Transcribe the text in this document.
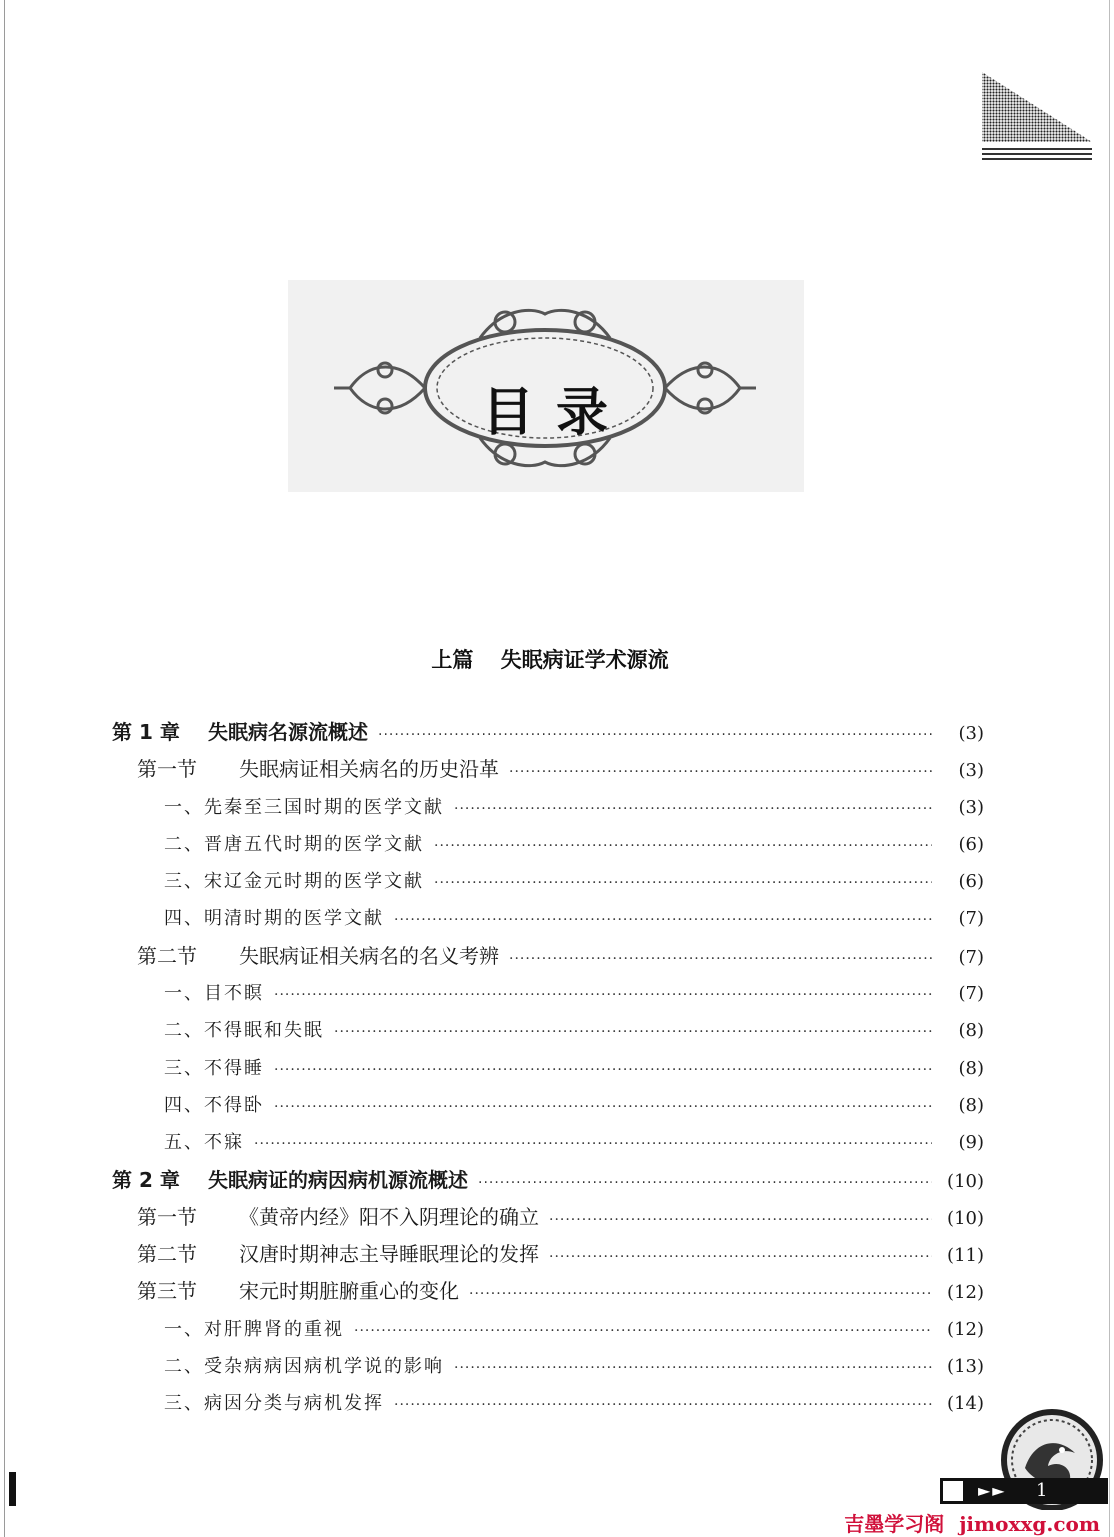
目录
上篇 失眠病证学术源流
第 1 章	失眠病名源流概述 ·····	(3)
第一节	失眠病证相关病名的历史沿革 ·····	(3)
一、先秦至三国时期的医学文献 ·····	(3)
二、晋唐五代时期的医学文献 ·····	(6)
三、宋辽金元时期的医学文献 ·····	(6)
四、明清时期的医学文献 ·····	(7)
第二节	失眠病证相关病名的名义考辨 ·····	(7)
一、目不瞑 ·····	(7)
二、不得眠和失眠 ·····	(8)
三、不得睡 ·····	(8)
四、不得卧 ·····	(8)
五、不寐 ·····	(9)
第 2 章	失眠病证的病因病机源流概述 ·····	(10)
第一节	《黄帝内经》阳不入阴理论的确立 ·····	(10)
第二节	汉唐时期神志主导睡眠理论的发挥 ·····	(11)
第三节	宋元时期脏腑重心的变化 ·····	(12)
一、对肝脾肾的重视 ·····	(12)
二、受杂病病因病机学说的影响 ·····	(13)
三、病因分类与病机发挥 ·····	(14)
►► 1
吉墨学习阁 jimoxxg.com
